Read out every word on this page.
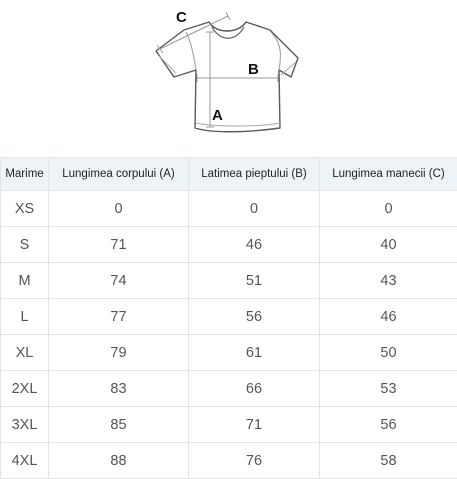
C
B
A
Marime	Lungimea corpului (A)	Latimea pieptului (B)	Lungimea manecii (C)
XS	0	0	0
S	71	46	40
M	74	51	43
L	77	56	46
XL	79	61	50
2XL	83	66	53
3XL	85	71	56
4XL	88	76	58
